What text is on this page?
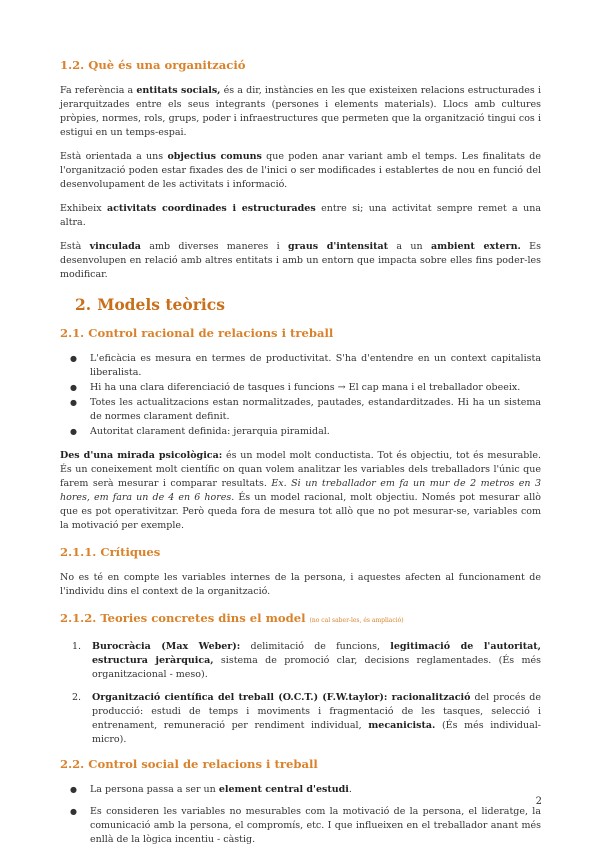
1.2. Què és una organització

Fa referència a entitats socials, és a dir, instàncies en les que existeixen relacions estructurades i jerarquitzades entre els seus integrants (persones i elements materials). Llocs amb cultures pròpies, normes, rols, grups, poder i infraestructures que permeten que la organització tingui cos i estigui en un temps-espai.

Està orientada a uns objectius comuns que poden anar variant amb el temps. Les finalitats de l'organització poden estar fixades des de l'inici o ser modificades i establertes de nou en funció del desenvolupament de les activitats i informació.

Exhibeix activitats coordinades i estructurades entre si; una activitat sempre remet a una altra.

Està vinculada amb diverses maneres i graus d'intensitat a un ambient extern. Es desenvolupen en relació amb altres entitats i amb un entorn que impacta sobre elles fins poder-les modificar.

2. Models teòrics
2.1. Control racional de relacions i treball
● L'eficàcia es mesura en termes de productivitat. S'ha d'entendre en un context capitalista liberalista.
● Hi ha una clara diferenciació de tasques i funcions → El cap mana i el treballador obeeix.
● Totes les actualitzacions estan normalitzades, pautades, estandarditzades. Hi ha un sistema de normes clarament definit.
● Autoritat clarament definida: jerarquia piramidal.

Des d'una mirada psicològica: és un model molt conductista. Tot és objectiu, tot és mesurable. És un coneixement molt científic on quan volem analitzar les variables dels treballadors l'únic que farem serà mesurar i comparar resultats. Ex. Si un treballador em fa un mur de 2 metros en 3 hores, em fara un de 4 en 6 hores. És un model racional, molt objectiu. Només pot mesurar allò que es pot operativitzar. Però queda fora de mesura tot allò que no pot mesurar-se, variables com la motivació per exemple.

2.1.1. Crítiques

No es té en compte les variables internes de la persona, i aquestes afecten al funcionament de l'individu dins el context de la organització.

2.1.2. Teories concretes dins el model (no cal saber-les, és ampliació)
1. Burocràcia (Max Weber): delimitació de funcions, legitimació de l'autoritat, estructura jeràrquica, sistema de promoció clar, decisions reglamentades. (És més organitzacional - meso).
2. Organització científica del treball (O.C.T.) (F.W.taylor): racionalització del procés de producció: estudi de temps i moviments i fragmentació de les tasques, selecció i entrenament, remuneració per rendiment individual, mecanicista. (És més individual-micro).
2.2. Control social de relacions i treball
● La persona passa a ser un element central d'estudi.
● Es consideren les variables no mesurables com la motivació de la persona, el lideratge, la comunicació amb la persona, el compromís, etc. I que influeixen en el treballador anant més enllà de la lògica incentiu - càstig.
2
